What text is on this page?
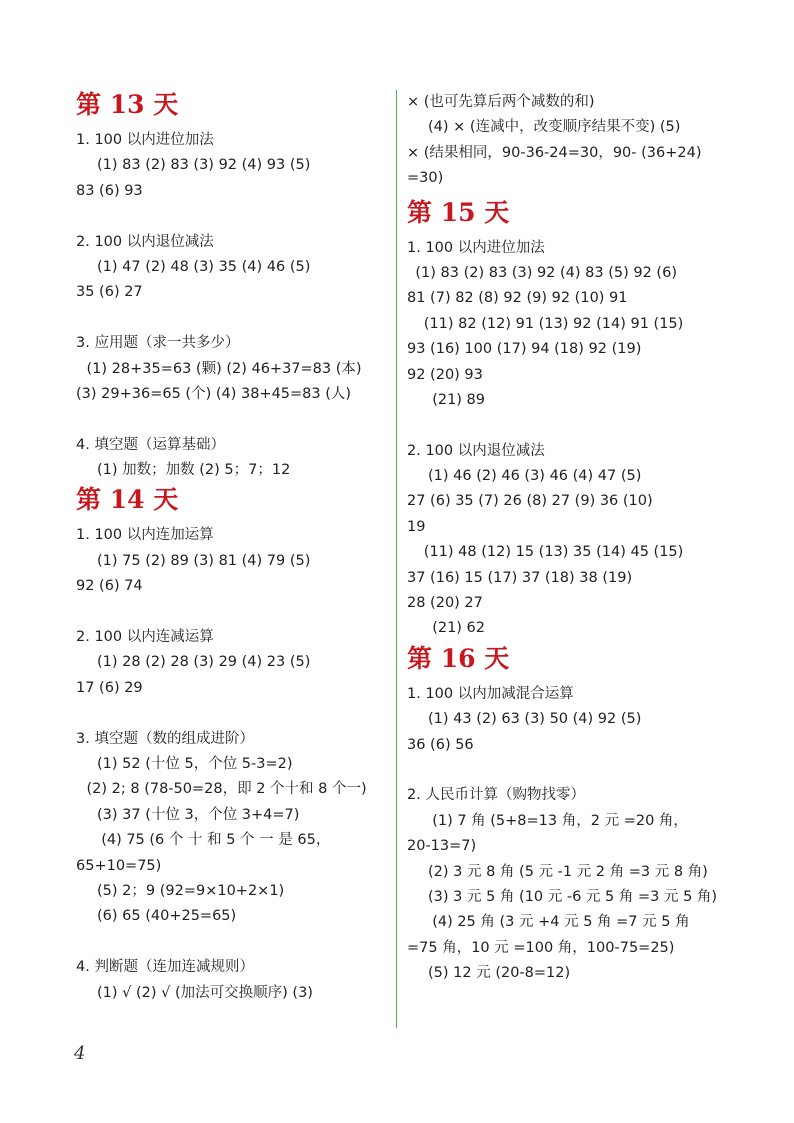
第 13 天
1. 100 以内进位加法
(1) 83 (2) 83 (3) 92 (4) 93 (5)
83 (6) 93
2. 100 以内退位减法
(1) 47 (2) 48 (3) 35 (4) 46 (5)
35 (6) 27
3. 应用题（求一共多少）
(1) 28+35=63 (颗) (2) 46+37=83 (本)
(3) 29+36=65 (个) (4) 38+45=83 (人)
4. 填空题（运算基础）
(1) 加数；加数 (2) 5；7；12
第 14 天
1. 100 以内连加运算
(1) 75 (2) 89 (3) 81 (4) 79 (5)
92 (6) 74
2. 100 以内连减运算
(1) 28 (2) 28 (3) 29 (4) 23 (5)
17 (6) 29
3. 填空题（数的组成进阶）
(1) 52 (十位 5，个位 5-3=2)
(2) 2; 8 (78-50=28，即 2 个十和 8 个一)
(3) 37 (十位 3，个位 3+4=7)
(4) 75 (6 个 十 和 5 个 一 是 65，
65+10=75)
(5) 2；9 (92=9×10+2×1)
(6) 65 (40+25=65)
4. 判断题（连加连减规则）
(1) √ (2) √ (加法可交换顺序) (3)
× (也可先算后两个减数的和)
(4) × (连减中，改变顺序结果不变) (5)
× (结果相同，90-36-24=30，90- (36+24)
=30)
第 15 天
1. 100 以内进位加法
(1) 83 (2) 83 (3) 92 (4) 83 (5) 92 (6)
81 (7) 82 (8) 92 (9) 92 (10) 91
(11) 82 (12) 91 (13) 92 (14) 91 (15)
93 (16) 100 (17) 94 (18) 92 (19)
92 (20) 93
(21) 89
2. 100 以内退位减法
(1) 46 (2) 46 (3) 46 (4) 47 (5)
27 (6) 35 (7) 26 (8) 27 (9) 36 (10)
19
(11) 48 (12) 15 (13) 35 (14) 45 (15)
37 (16) 15 (17) 37 (18) 38 (19)
28 (20) 27
(21) 62
第 16 天
1. 100 以内加减混合运算
(1) 43 (2) 63 (3) 50 (4) 92 (5)
36 (6) 56
2. 人民币计算（购物找零）
(1) 7 角 (5+8=13 角，2 元 =20 角，
20-13=7)
(2) 3 元 8 角 (5 元 -1 元 2 角 =3 元 8 角)
(3) 3 元 5 角 (10 元 -6 元 5 角 =3 元 5 角)
(4) 25 角 (3 元 +4 元 5 角 =7 元 5 角
=75 角，10 元 =100 角，100-75=25)
(5) 12 元 (20-8=12)
4
